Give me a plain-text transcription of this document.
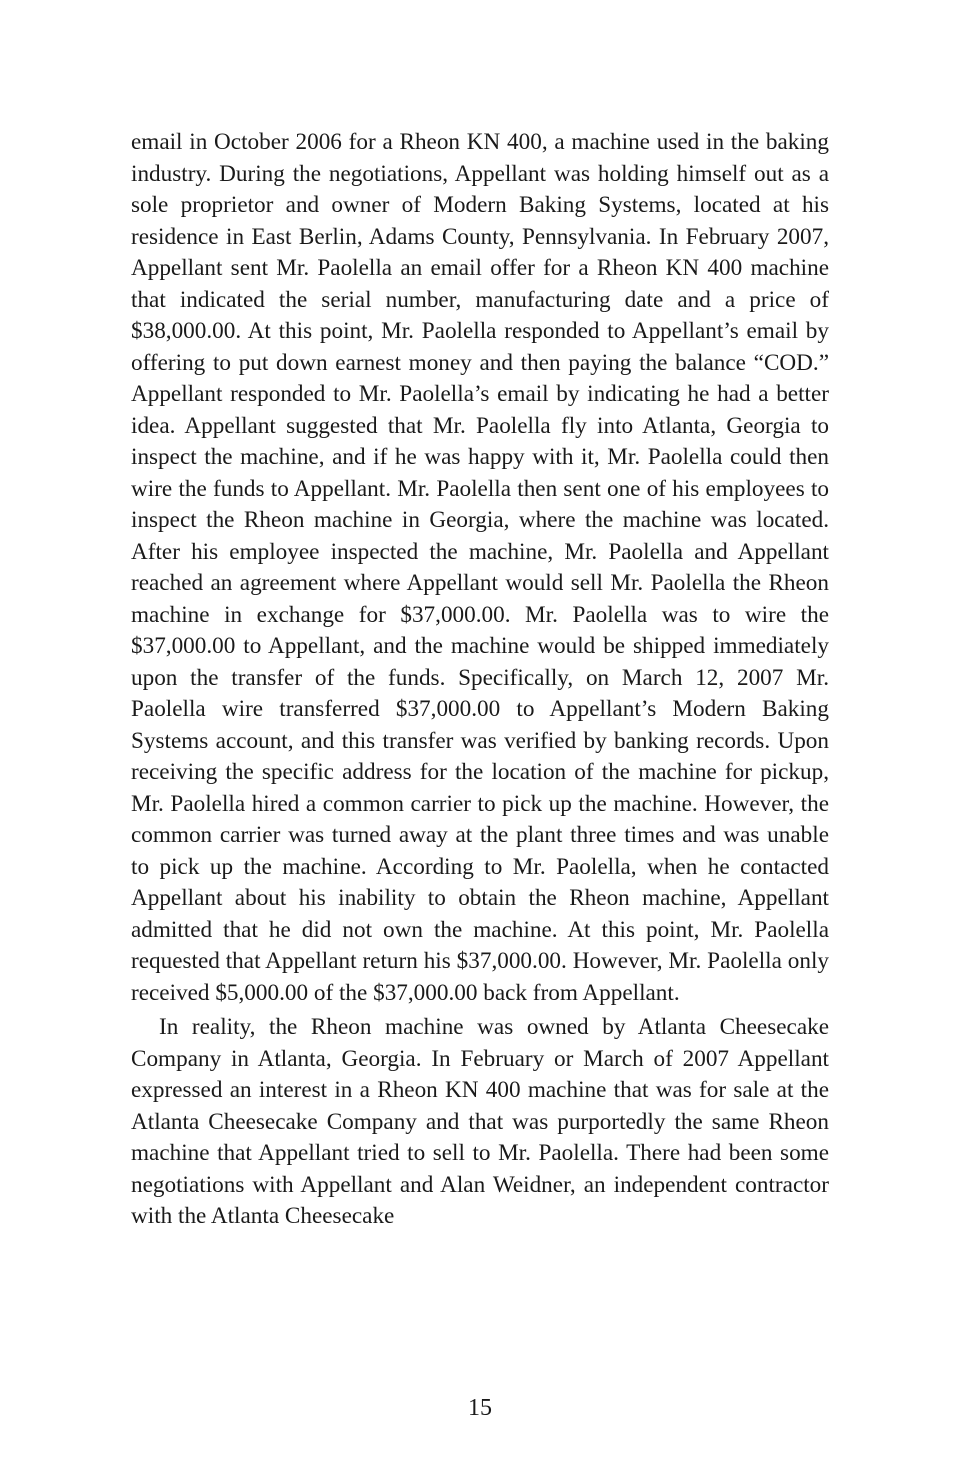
email in October 2006 for a Rheon KN 400, a machine used in the baking industry. During the negotiations, Appellant was holding himself out as a sole proprietor and owner of Modern Baking Systems, located at his residence in East Berlin, Adams County, Pennsylvania. In February 2007, Appellant sent Mr. Paolella an email offer for a Rheon KN 400 machine that indicated the serial number, manufacturing date and a price of $38,000.00. At this point, Mr. Paolella responded to Appellant’s email by offering to put down earnest money and then paying the balance “COD.” Appellant responded to Mr. Paolella’s email by indicating he had a better idea. Appellant suggested that Mr. Paolella fly into Atlanta, Georgia to inspect the machine, and if he was happy with it, Mr. Paolella could then wire the funds to Appellant. Mr. Paolella then sent one of his employees to inspect the Rheon machine in Georgia, where the machine was located. After his employee inspected the machine, Mr. Paolella and Appellant reached an agreement where Appellant would sell Mr. Paolella the Rheon machine in exchange for $37,000.00. Mr. Paolella was to wire the $37,000.00 to Appellant, and the machine would be shipped immediately upon the transfer of the funds. Specifically, on March 12, 2007 Mr. Paolella wire transferred $37,000.00 to Appellant’s Modern Baking Systems account, and this transfer was verified by banking records. Upon receiving the specific address for the location of the machine for pickup, Mr. Paolella hired a common carrier to pick up the machine. However, the common carrier was turned away at the plant three times and was unable to pick up the machine. According to Mr. Paolella, when he contacted Appellant about his inability to obtain the Rheon machine, Appellant admitted that he did not own the machine. At this point, Mr. Paolella requested that Appellant return his $37,000.00. However, Mr. Paolella only received $5,000.00 of the $37,000.00 back from Appellant.

In reality, the Rheon machine was owned by Atlanta Cheesecake Company in Atlanta, Georgia. In February or March of 2007 Appellant expressed an interest in a Rheon KN 400 machine that was for sale at the Atlanta Cheesecake Company and that was purportedly the same Rheon machine that Appellant tried to sell to Mr. Paolella. There had been some negotiations with Appellant and Alan Weidner, an independent contractor with the Atlanta Cheesecake

15
